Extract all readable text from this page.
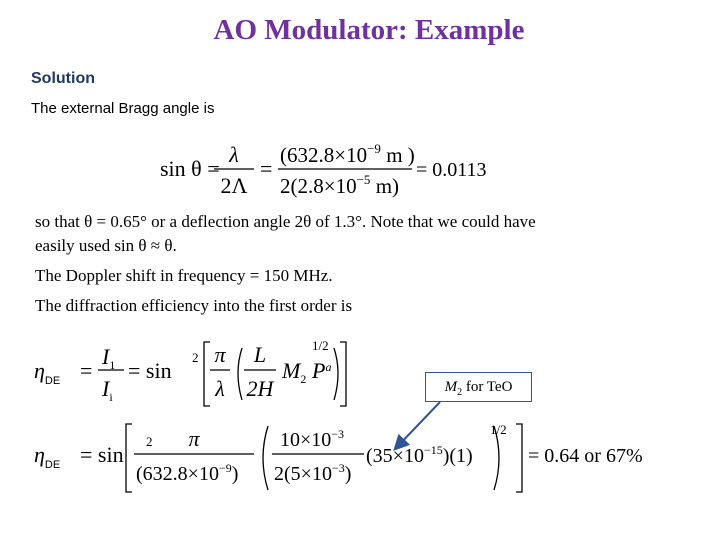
AO Modulator: Example
Solution
The external Bragg angle is
sin θ =
λ
2Λ
=
($632.8\times 10^{-9}$ m )
$2(2.8\times 10^{-5}$ m)
= 0.0113
so that θ = 0.65° or a deflection angle 2θ of 1.3°. Note that we could have
easily used sin θ ≈ θ.
The Doppler shift in frequency = 150 MHz.
The diffraction efficiency into the first order is
$\eta_{DE}$ =
$I_1$
$I_i$
= sin
2 π
λ
L
2H
$M_2$ $P^a$
1/2
$M_2$ for TeO
$\eta_{DE} = \sin$
2 π
$(632.8\times 10^{-9})$
$10\times 10^{-3}$
$2(5\times 10^{-3})$
$(35\times 10^{-15})(1)$
1/2
= 0.64 or 67%
